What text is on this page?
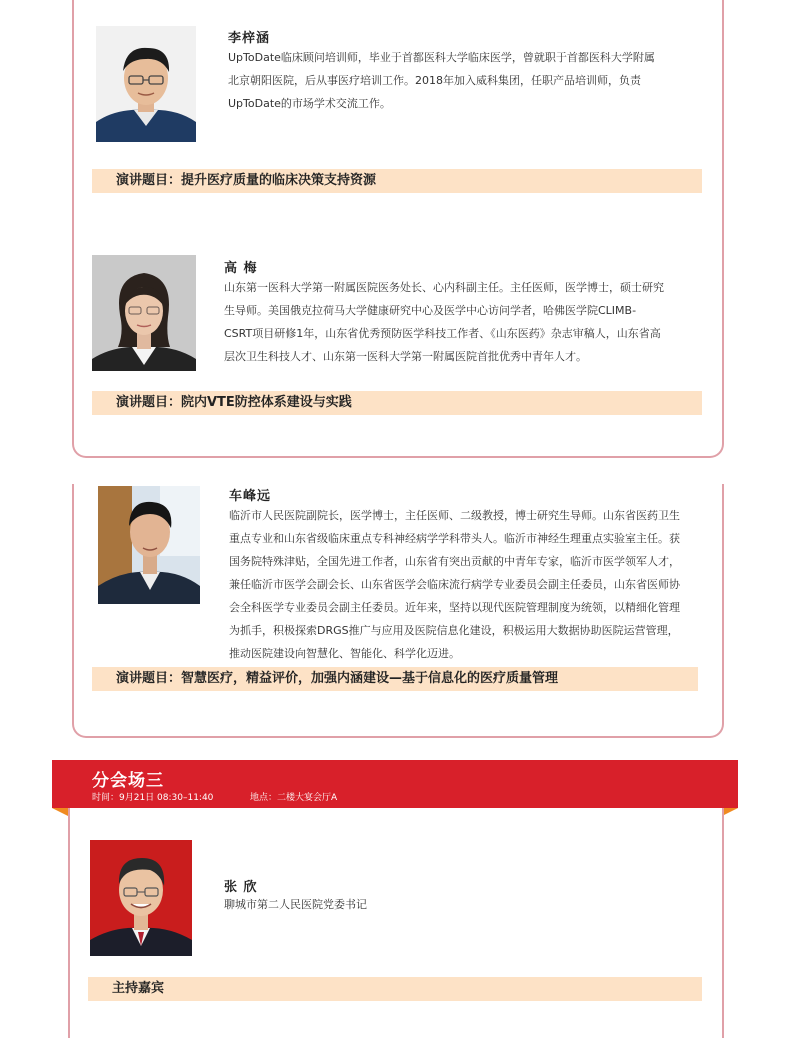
李梓涵
UpToDate临床顾问培训师，毕业于首都医科大学临床医学，曾就职于首都医科大学附属北京朝阳医院，后从事医疗培训工作。2018年加入威科集团，任职产品培训师，负责UpToDate的市场学术交流工作。
演讲题目：提升医疗质量的临床决策支持资源
高 梅
山东第一医科大学第一附属医院医务处长、心内科副主任。主任医师，医学博士，硕士研究生导师。美国俄克拉荷马大学健康研究中心及医学中心访问学者，哈佛医学院CLIMB-CSRT项目研修1年，山东省优秀预防医学科技工作者、《山东医药》杂志审稿人，山东省高层次卫生科技人才、山东第一医科大学第一附属医院首批优秀中青年人才。
演讲题目：院内VTE防控体系建设与实践
车峰远
临沂市人民医院副院长，医学博士，主任医师、二级教授，博士研究生导师。山东省医药卫生重点专业和山东省级临床重点专科神经病学学科带头人。临沂市神经生理重点实验室主任。获国务院特殊津贴，全国先进工作者，山东省有突出贡献的中青年专家，临沂市医学领军人才，兼任临沂市医学会副会长、山东省医学会临床流行病学专业委员会副主任委员，山东省医师协会全科医学专业委员会副主任委员。近年来，坚持以现代医院管理制度为统领，以精细化管理为抓手，积极探索DRGS推广与应用及医院信息化建设，积极运用大数据协助医院运营管理，推动医院建设向智慧化、智能化、科学化迈进。
演讲题目：智慧医疗，精益评价，加强内涵建设—基于信息化的医疗质量管理
分会场三
时间：9月21日 08:30–11:40	地点：二楼大宴会厅A
张 欣
聊城市第二人民医院党委书记
主持嘉宾
